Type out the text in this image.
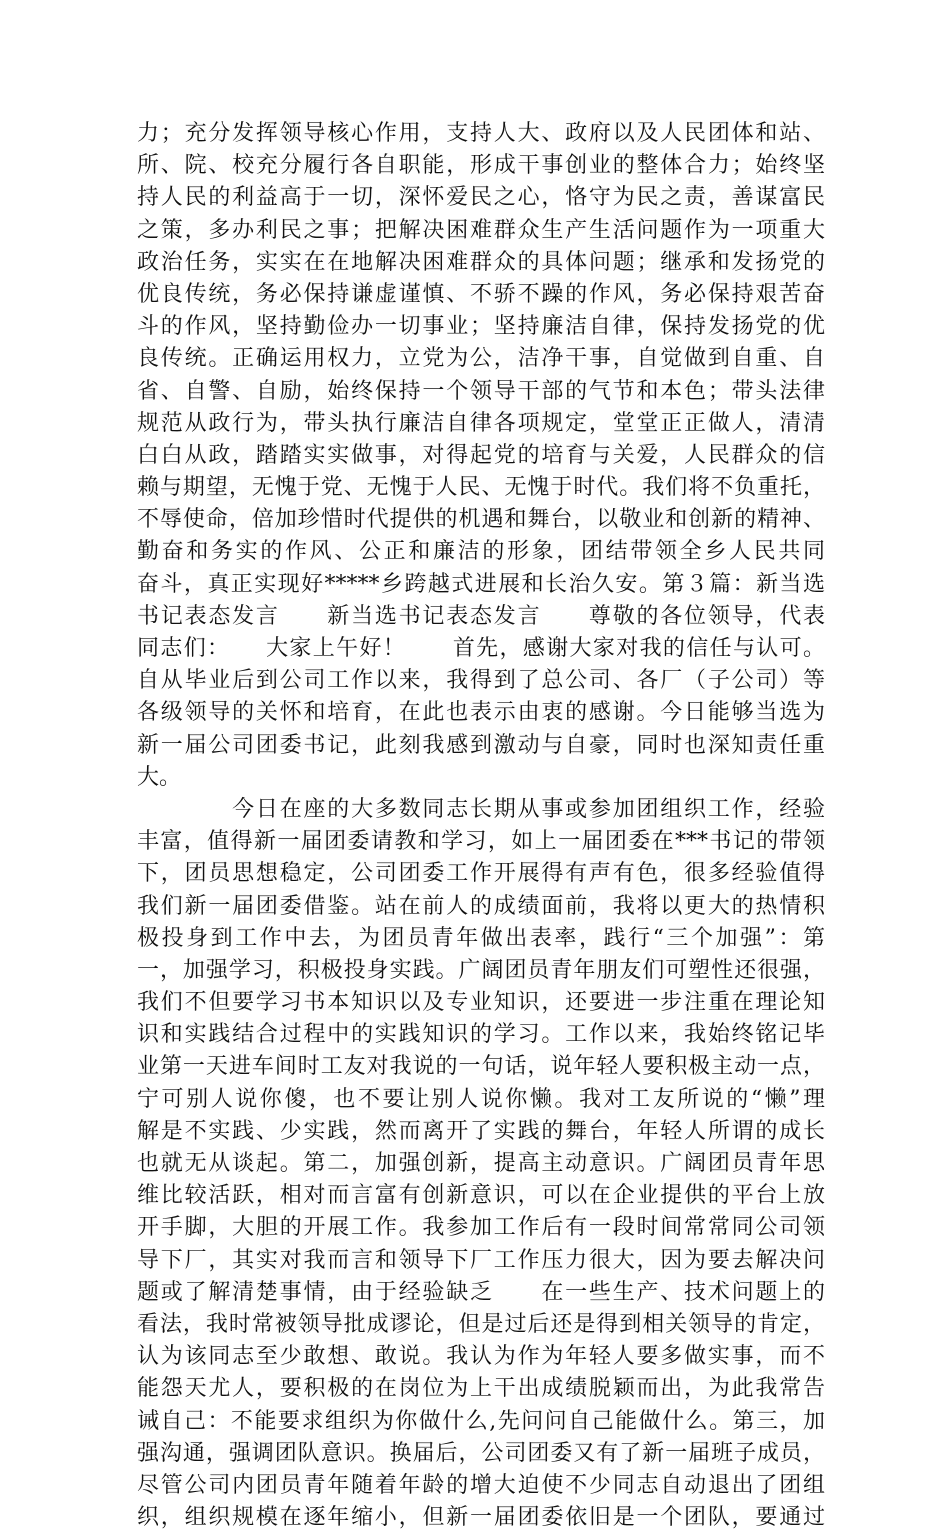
力；充分发挥领导核心作用，支持人大、政府以及人民团体和站、
所、院、校充分履行各自职能，形成干事创业的整体合力；始终坚
持人民的利益高于一切，深怀爱民之心，恪守为民之责，善谋富民
之策，多办利民之事；把解决困难群众生产生活问题作为一项重大
政治任务，实实在在地解决困难群众的具体问题；继承和发扬党的
优良传统，务必保持谦虚谨慎、不骄不躁的作风，务必保持艰苦奋
斗的作风，坚持勤俭办一切事业；坚持廉洁自律，保持发扬党的优
良传统。正确运用权力，立党为公，洁净干事，自觉做到自重、自
省、自警、自励，始终保持一个领导干部的气节和本色；带头法律
规范从政行为，带头执行廉洁自律各项规定，堂堂正正做人，清清
白白从政，踏踏实实做事，对得起党的培育与关爱，人民群众的信
赖与期望，无愧于党、无愧于人民、无愧于时代。我们将不负重托，
不辱使命，倍加珍惜时代提供的机遇和舞台，以敬业和创新的精神、
勤奋和务实的作风、公正和廉洁的形象，团结带领全乡人民共同
奋斗，真正实现好*****乡跨越式进展和长治久安。第３篇：新当选
书记表态发言　　新当选书记表态发言　　尊敬的各位领导，代表
同志们：　　大家上午好！　　首先，感谢大家对我的信任与认可。
自从毕业后到公司工作以来，我得到了总公司、各厂（子公司）等
各级领导的关怀和培育，在此也表示由衷的感谢。今日能够当选为
新一届公司团委书记，此刻我感到激动与自豪，同时也深知责任重
大。
　　　　今日在座的大多数同志长期从事或参加团组织工作，经验
丰富，值得新一届团委请教和学习，如上一届团委在***书记的带领
下，团员思想稳定，公司团委工作开展得有声有色，很多经验值得
我们新一届团委借鉴。站在前人的成绩面前，我将以更大的热情积
极投身到工作中去，为团员青年做出表率，践行“三个加强”：第
一，加强学习，积极投身实践。广阔团员青年朋友们可塑性还很强，
我们不但要学习书本知识以及专业知识，还要进一步注重在理论知
识和实践结合过程中的实践知识的学习。工作以来，我始终铭记毕
业第一天进车间时工友对我说的一句话，说年轻人要积极主动一点，
宁可别人说你傻，也不要让别人说你懒。我对工友所说的“懒”理
解是不实践、少实践，然而离开了实践的舞台，年轻人所谓的成长
也就无从谈起。第二，加强创新，提高主动意识。广阔团员青年思
维比较活跃，相对而言富有创新意识，可以在企业提供的平台上放
开手脚，大胆的开展工作。我参加工作后有一段时间常常同公司领
导下厂，其实对我而言和领导下厂工作压力很大，因为要去解决问
题或了解清楚事情，由于经验缺乏　　在一些生产、技术问题上的
看法，我时常被领导批成谬论，但是过后还是得到相关领导的肯定，
认为该同志至少敢想、敢说。我认为作为年轻人要多做实事，而不
能怨天尤人，要积极的在岗位为上干出成绩脱颖而出，为此我常告
诫自己：不能要求组织为你做什么,先问问自己能做什么。第三，加
强沟通，强调团队意识。换届后，公司团委又有了新一届班子成员，
尽管公司内团员青年随着年龄的增大迫使不少同志自动退出了团组
织，组织规模在逐年缩小，但新一届团委依旧是一个团队，要通过
